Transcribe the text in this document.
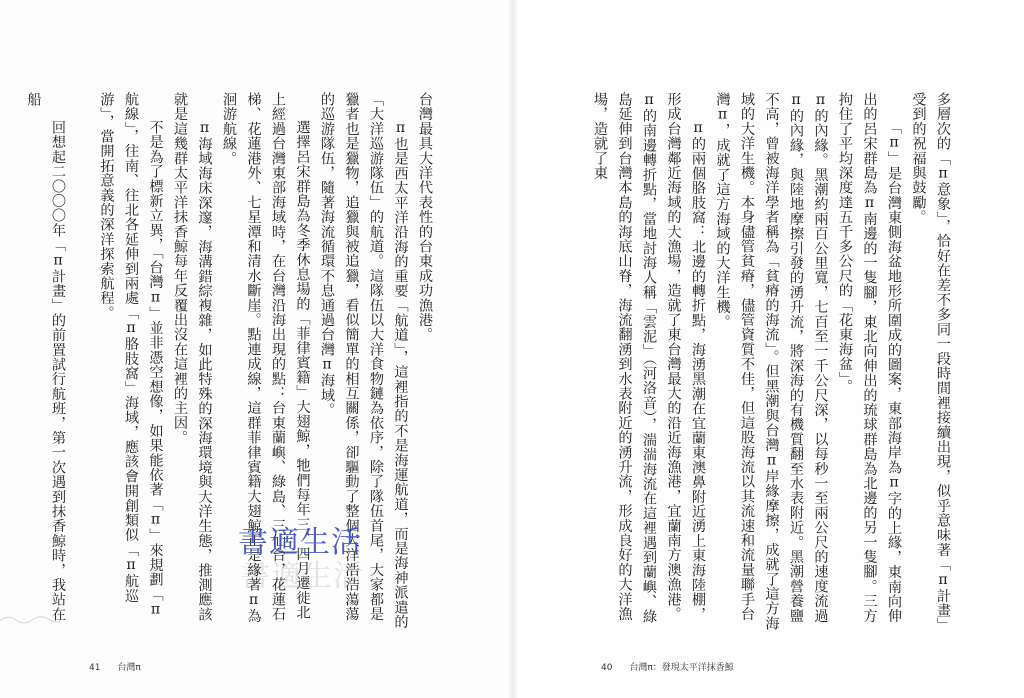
台灣最具大洋代表性的台東成功漁港。

π也是西太平洋沿海的重要「航道」，這裡指的不是海運航道，而是海神派遣的「大洋巡游隊伍」的航道。這隊伍以大洋食物鏈為依序，除了隊伍首尾，大家都是獵者也是獵物，追獵與被追獵，看似簡單的相互關係，卻驅動了整個大洋浩浩蕩蕩的巡游隊伍，隨著海流循環不息通過台灣π海域。

選擇呂宋群島為冬季休息場的「菲律賓籍」大翅鯨，牠們每年三、四月遷徙北上經過台灣東部海域時，在台灣沿海出現的點：台東蘭嶼、綠島、三仙台，花蓮石梯、花蓮港外、七星潭和清水斷崖。點連成線，這群菲律賓籍大翅鯨正是緣著π為洄游航線。

π海域海床深邃，海溝錯綜複雜，如此特殊的深海環境與大洋生態，推測應該就是這幾群太平洋抹香鯨每年反覆出沒在這裡的主因。

不是為了標新立異，「台灣π」並非憑空想像，如果能依著「π」來規劃「π航線」，往南、往北各延伸到兩處「π胳肢窩」海域，應該會開創類似「π航巡游」，當開拓意義的深洋探索航程。

回想起二〇〇〇年「π計畫」的前置試行航班，第一次遇到抹香鯨時，我站在船

41 台灣π

多層次的「π意象」，恰好在差不多同一段時間裡接續出現，似乎意味著「π計畫」受到的祝福與鼓勵。

「π」是台灣東側海盆地形所圍成的圖案，東部海岸為π字的上緣，東南向伸出的呂宋群島為π南邊的一隻腳，東北向伸出的琉球群島為北邊的另一隻腳。三方拘住了平均深度達五千多公尺的「花東海盆」。

π的內緣。黑潮約兩百公里寬，七百至一千公尺深，以每秒一至兩公尺的速度流過π的內緣，與陸地摩擦引發的湧升流，將深海的有機質翻至水表附近。黑潮營養鹽不高，曾被海洋學者稱為「貧瘠的海流」。但黑潮與台灣π岸緣摩擦，成就了這方海域的大洋生機。本身儘管貧瘠，儘管資質不佳，但這股海流以其流速和流量聯手台灣π，成就了這方海域的大洋生機。

π的兩個胳肢窩：北邊的轉折點，海湧黑潮在宜蘭東澳鼻附近湧上東海陸棚，形成台灣鄰近海域的大漁場，造就了東台灣最大的沿近海漁港，宜蘭南方澳漁港。π的南邊轉折點，當地討海人稱「雲泥」（河洛音），湍湍海流在這裡遇到蘭嶼、綠島延伸到台灣本島的海底山脊，海流翻湧到水表附近的湧升流，形成良好的大洋漁場，造就了東

40 台灣π：發現太平洋抹香鯨
書適生活 書適生活
